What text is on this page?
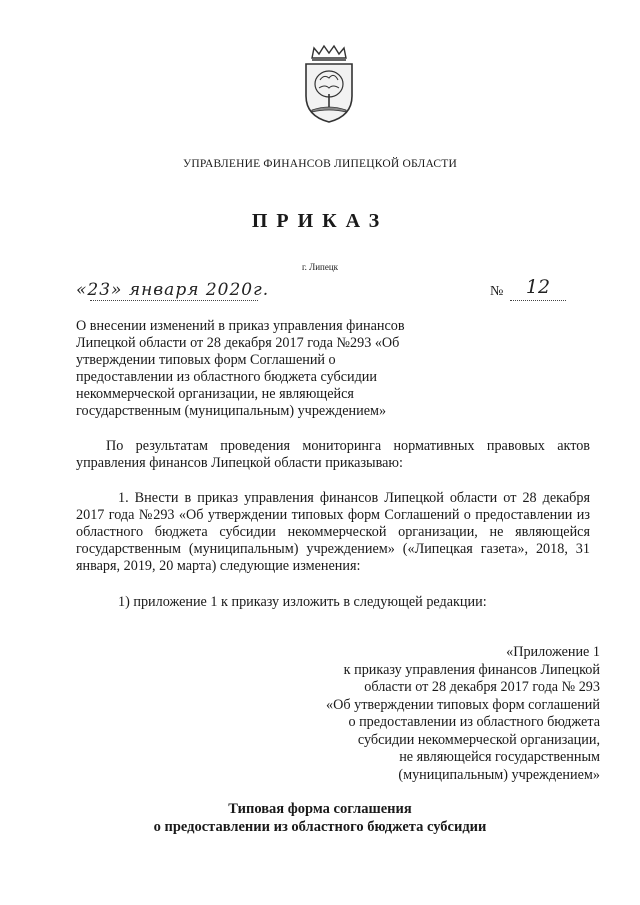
УПРАВЛЕНИЕ ФИНАНСОВ ЛИПЕЦКОЙ ОБЛАСТИ
ПРИКАЗ
г. Липецк
«23» января 2020г.	№	12
О внесении изменений в приказ управления финансов Липецкой области от 28 декабря 2017 года №293 «Об утверждении типовых форм Соглашений о предоставлении из областного бюджета субсидии некоммерческой организации, не являющейся государственным (муниципальным) учреждением»
По результатам проведения мониторинга нормативных правовых актов управления финансов Липецкой области приказываю:
1. Внести в приказ управления финансов Липецкой области от 28 декабря 2017 года №293 «Об утверждении типовых форм Соглашений о предоставлении из областного бюджета субсидии некоммерческой организации, не являющейся государственным (муниципальным) учреждением» («Липецкая газета», 2018, 31 января, 2019, 20 марта) следующие изменения:
1) приложение 1 к приказу изложить в следующей редакции:
«Приложение 1
к приказу управления финансов Липецкой
области от 28 декабря 2017 года № 293
«Об утверждении типовых форм соглашений
о предоставлении из областного бюджета
субсидии некоммерческой организации,
не являющейся государственным
(муниципальным) учреждением»
Типовая форма соглашения
о предоставлении из областного бюджета субсидии
